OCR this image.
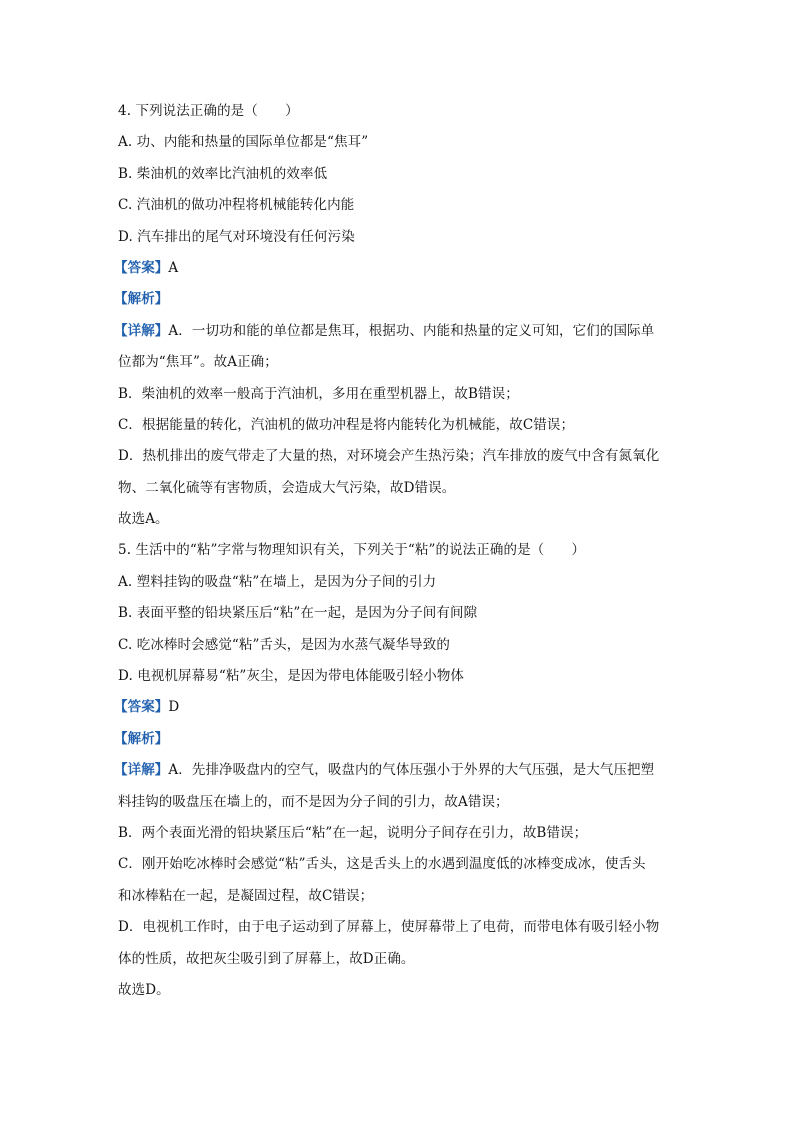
4. 下列说法正确的是（　　）
A. 功、内能和热量的国际单位都是“焦耳”
B. 柴油机的效率比汽油机的效率低
C. 汽油机的做功冲程将机械能转化内能
D. 汽车排出的尾气对环境没有任何污染
【答案】A
【解析】
【详解】A．一切功和能的单位都是焦耳，根据功、内能和热量的定义可知，它们的国际单
位都为“焦耳”。故A正确；
B．柴油机的效率一般高于汽油机，多用在重型机器上，故B错误；
C．根据能量的转化，汽油机的做功冲程是将内能转化为机械能，故C错误；
D．热机排出的废气带走了大量的热，对环境会产生热污染；汽车排放的废气中含有氮氧化
物、二氧化硫等有害物质，会造成大气污染，故D错误。
故选A。
5. 生活中的“粘”字常与物理知识有关，下列关于“粘”的说法正确的是（　　）
A. 塑料挂钩的吸盘“粘”在墙上，是因为分子间的引力
B. 表面平整的铅块紧压后“粘”在一起，是因为分子间有间隙
C. 吃冰棒时会感觉“粘”舌头，是因为水蒸气凝华导致的
D. 电视机屏幕易“粘”灰尘，是因为带电体能吸引轻小物体
【答案】D
【解析】
【详解】A．先排净吸盘内的空气，吸盘内的气体压强小于外界的大气压强，是大气压把塑
料挂钩的吸盘压在墙上的，而不是因为分子间的引力，故A错误；
B．两个表面光滑的铅块紧压后“粘”在一起，说明分子间存在引力，故B错误；
C．刚开始吃冰棒时会感觉“粘”舌头，这是舌头上的水遇到温度低的冰棒变成冰，使舌头
和冰棒粘在一起，是凝固过程，故C错误；
D．电视机工作时，由于电子运动到了屏幕上，使屏幕带上了电荷，而带电体有吸引轻小物
体的性质，故把灰尘吸引到了屏幕上，故D正确。
故选D。
